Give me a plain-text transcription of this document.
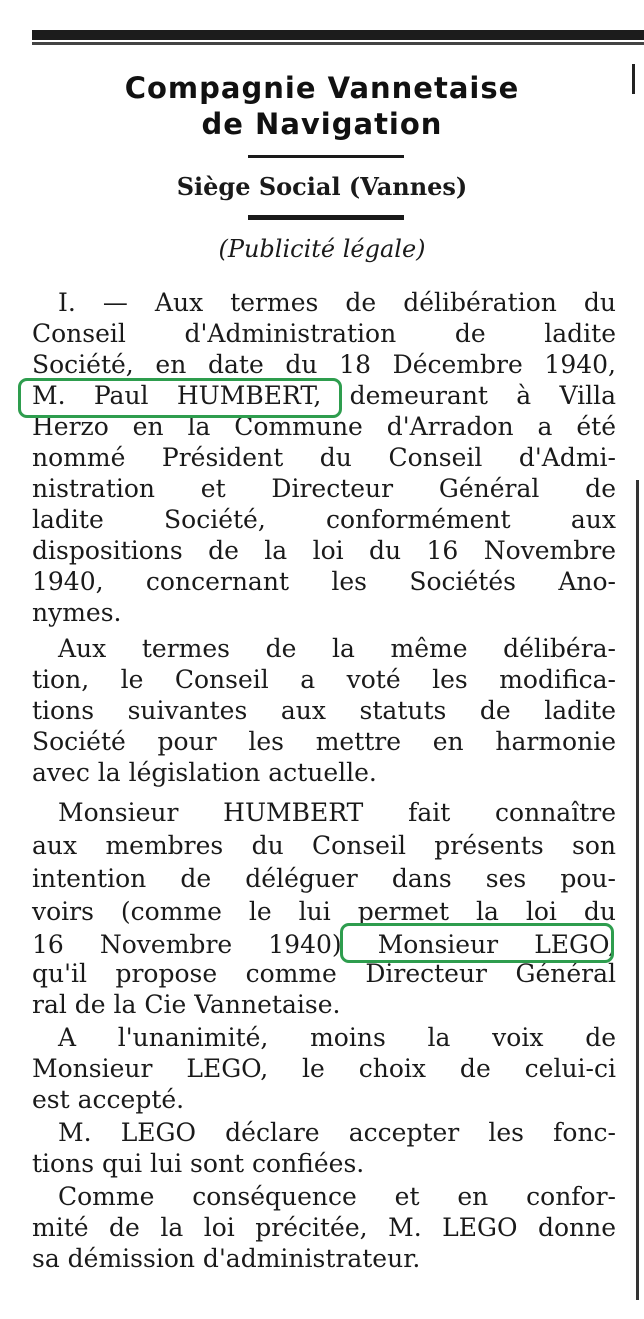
Compagnie Vannetaise
de Navigation
Siège Social (Vannes)
(Publicité légale)
I. — Aux termes de délibération du
Conseil d'Administration de ladite
Société, en date du 18 Décembre 1940,
M. Paul HUMBERT, demeurant à Villa
Herzo en la Commune d'Arradon a été
nommé Président du Conseil d'Admi-
nistration et Directeur Général de
ladite Société, conformément aux
dispositions de la loi du 16 Novembre
1940, concernant les Sociétés Ano-
nymes.
Aux termes de la même délibéra-
tion, le Conseil a voté les modifica-
tions suivantes aux statuts de ladite
Société pour les mettre en harmonie
avec la législation actuelle.
Monsieur HUMBERT fait connaître
aux membres du Conseil présents son
intention de déléguer dans ses pou-
voirs (comme le lui permet la loi du
16 Novembre 1940) Monsieur LEGO,
qu'il propose comme Directeur Général
ral de la Cie Vannetaise.
A l'unanimité, moins la voix de
Monsieur LEGO, le choix de celui-ci
est accepté.
M. LEGO déclare accepter les fonc-
tions qui lui sont confiées.
Comme conséquence et en confor-
mité de la loi précitée, M. LEGO donne
sa démission d'administrateur.
